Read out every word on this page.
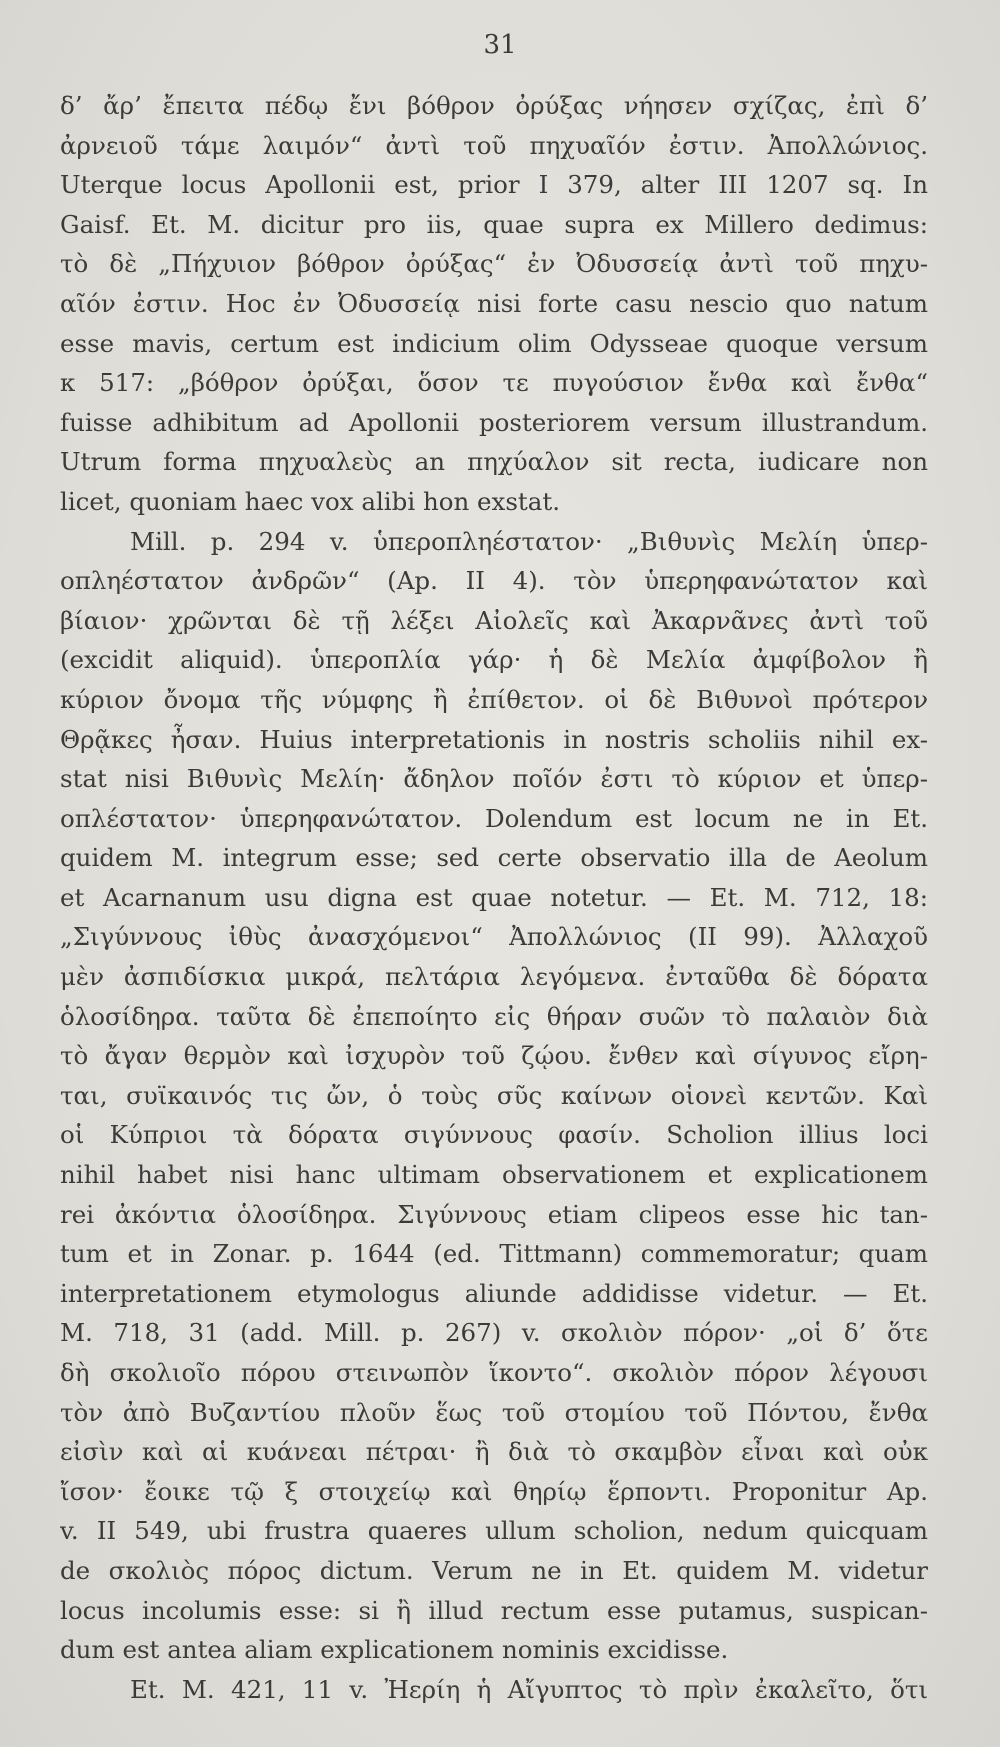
31
δ’ ἄρ’ ἔπειτα πέδῳ ἔνι βόθρον ὀρύξας νήησεν σχίζας, ἐπὶ δ’
ἀρνειοῦ τάμε λαιμόν“ ἀντὶ τοῦ πηχυαῖόν ἐστιν. Ἀπολλώνιος.
Uterque locus Apollonii est, prior I 379, alter III 1207 sq. In
Gaisf. Et. M. dicitur pro iis, quae supra ex Millero dedimus:
τὸ δὲ „Πήχυιον βόθρον ὀρύξας“ ἐν Ὀδυσσείᾳ ἀντὶ τοῦ πηχυ-
αῖόν ἐστιν. Hoc ἐν Ὀδυσσείᾳ nisi forte casu nescio quo natum
esse mavis, certum est indicium olim Odysseae quoque versum
κ 517: „βόθρον ὀρύξαι, ὅσον τε πυγούσιον ἔνθα καὶ ἔνθα“
fuisse adhibitum ad Apollonii posteriorem versum illustrandum.
Utrum forma πηχυαλεὺς an πηχύαλον sit recta, iudicare non
licet, quoniam haec vox alibi hon exstat.
Mill. p. 294 v. ὑπεροπληέστατον· „Βιθυνὶς Μελίη ὑπερ-
οπληέστατον ἀνδρῶν“ (Ap. II 4). τὸν ὑπερηφανώτατον καὶ
βίαιον· χρῶνται δὲ τῇ λέξει Αἰολεῖς καὶ Ἀκαρνᾶνες ἀντὶ τοῦ
(excidit aliquid). ὑπεροπλία γάρ· ἡ δὲ Μελία ἀμφίβολον ἢ
κύριον ὄνομα τῆς νύμφης ἢ ἐπίθετον. οἱ δὲ Βιθυνοὶ πρότερον
Θρᾷκες ἦσαν. Huius interpretationis in nostris scholiis nihil ex-
stat nisi Βιθυνὶς Μελίη· ἄδηλον ποῖόν ἐστι τὸ κύριον et ὑπερ-
οπλέστατον· ὑπερηφανώτατον. Dolendum est locum ne in Et.
quidem M. integrum esse; sed certe observatio illa de Aeolum
et Acarnanum usu digna est quae notetur. — Et. M. 712, 18:
„Σιγύννους ἰθὺς ἀνασχόμενοι“ Ἀπολλώνιος (II 99). Ἀλλαχοῦ
μὲν ἀσπιδίσκια μικρά, πελτάρια λεγόμενα. ἐνταῦθα δὲ δόρατα
ὁλοσίδηρα. ταῦτα δὲ ἐπεποίητο εἰς θήραν συῶν τὸ παλαιὸν διὰ
τὸ ἄγαν θερμὸν καὶ ἰσχυρὸν τοῦ ζῴου. ἔνθεν καὶ σίγυνος εἴρη-
ται, συϊκαινός τις ὤν, ὁ τοὺς σῦς καίνων οἱονεὶ κεντῶν. Καὶ
οἱ Κύπριοι τὰ δόρατα σιγύννους φασίν. Scholion illius loci
nihil habet nisi hanc ultimam observationem et explicationem
rei ἀκόντια ὁλοσίδηρα. Σιγύννους etiam clipeos esse hic tan-
tum et in Zonar. p. 1644 (ed. Tittmann) commemoratur; quam
interpretationem etymologus aliunde addidisse videtur. — Et.
M. 718, 31 (add. Mill. p. 267) v. σκολιὸν πόρον· „οἱ δ’ ὅτε
δὴ σκολιοῖο πόρου στεινωπὸν ἵκοντο“. σκολιὸν πόρον λέγουσι
τὸν ἀπὸ Βυζαντίου πλοῦν ἕως τοῦ στομίου τοῦ Πόντου, ἔνθα
εἰσὶν καὶ αἱ κυάνεαι πέτραι· ἢ διὰ τὸ σκαμβὸν εἶναι καὶ οὐκ
ἴσον· ἔοικε τῷ ξ στοιχείῳ καὶ θηρίῳ ἕρποντι. Proponitur Ap.
v. II 549, ubi frustra quaeres ullum scholion, nedum quicquam
de σκολιὸς πόρος dictum. Verum ne in Et. quidem M. videtur
locus incolumis esse: si ἢ illud rectum esse putamus, suspican-
dum est antea aliam explicationem nominis excidisse.
Et. M. 421, 11 v. Ἠερίη ἡ Αἴγυπτος τὸ πρὶν ἐκαλεῖτο, ὅτι
